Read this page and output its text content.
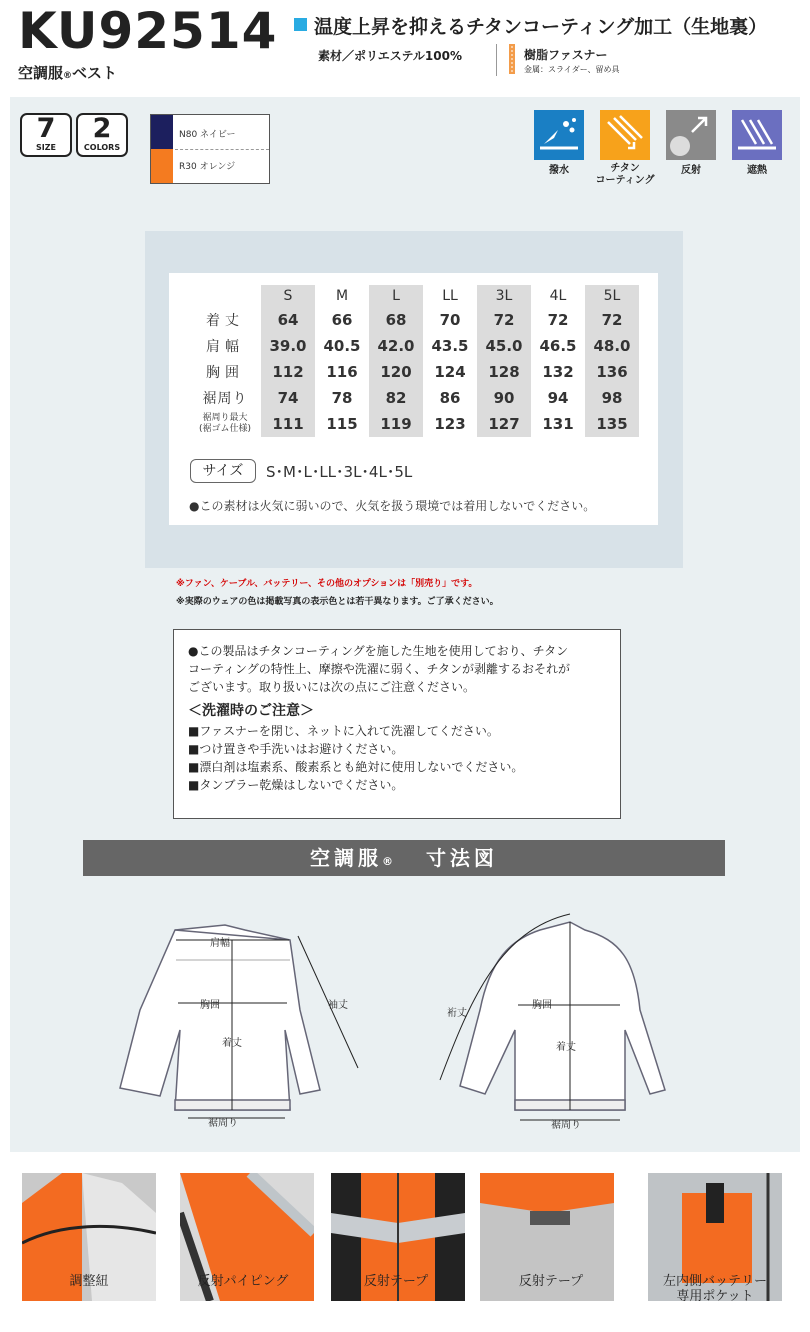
KU92514
空調服®ベスト
温度上昇を抑えるチタンコーティング加工（生地裏）
素材／ポリエステル100%	樹脂ファスナー
金属：スライダー、留め具
7
SIZE
2
COLORS
N80 ネイビー
R30 オレンジ	撥水	チタン
コーティング
反射	遮熱
	S	M	L	LL	3L	4L	5L
着丈	64	66	68	70	72	72	72
肩幅	39.0	40.5	42.0	43.5	45.0	46.5	48.0
胸囲	112	116	120	124	128	132	136
裾周り	74	78	82	86	90	94	98
裾周り最大
(裾ゴム仕様)	111	115	119	123	127	131	135
サイズ	S･M･L･LL･3L･4L･5L
●この素材は火気に弱いので、火気を扱う環境では着用しないでください。
※ファン、ケーブル、バッテリー、その他のオプションは「別売り」です。
※実際のウェアの色は掲載写真の表示色とは若干異なります。ご了承ください。
●この製品はチタンコーティングを施した生地を使用しており、チタン
コーティングの特性上、摩擦や洗濯に弱く、チタンが剥離するおそれが
ございます。取り扱いには次の点にご注意ください。
＜洗濯時のご注意＞
■ファスナーを閉じ、ネットに入れて洗濯してください。
■つけ置きや手洗いはお避けください。
■漂白剤は塩素系、酸素系とも絶対に使用しないでください。
■タンブラー乾燥はしないでください。
空調服® 寸法図
肩幅
胸囲
着丈
袖丈
裾周り
裄丈
胸囲
着丈
裾周り
調整紐	反射パイピング	反射テープ	反射テープ	左内側バッテリー
専用ポケット
